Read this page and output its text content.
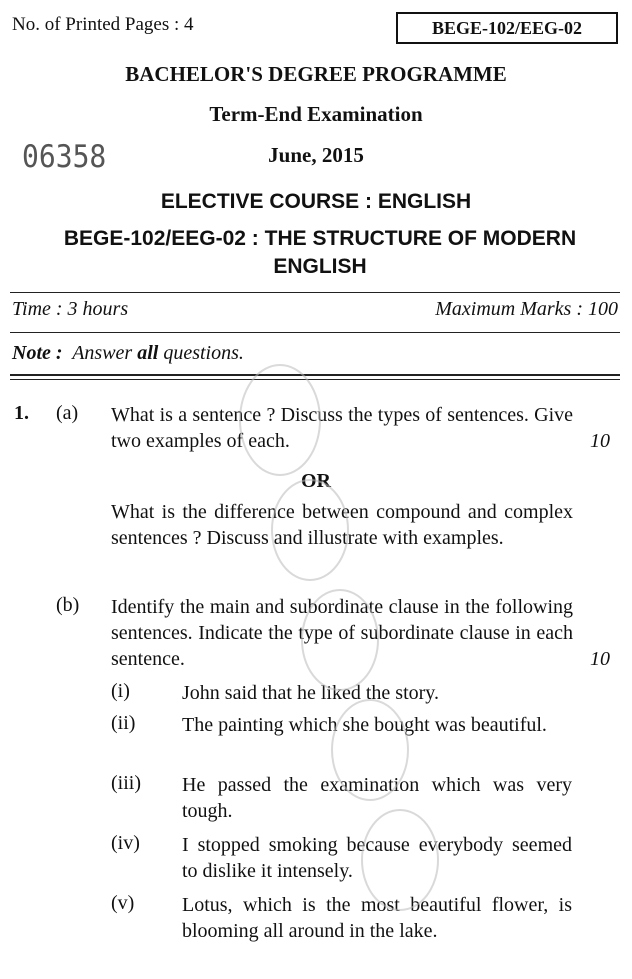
No. of Printed Pages : 4	BEGE-102/EEG-02
BACHELOR'S DEGREE PROGRAMME
Term-End Examination
06358	June, 2015
ELECTIVE COURSE : ENGLISH
BEGE-102/EEG-02 : THE STRUCTURE OF MODERN ENGLISH
Time : 3 hours	Maximum Marks : 100
Note : Answer all questions.
1. (a) What is a sentence ? Discuss the types of sentences. Give two examples of each.	10
OR
What is the difference between compound and complex sentences ? Discuss and illustrate with examples.
(b) Identify the main and subordinate clause in the following sentences. Indicate the type of subordinate clause in each sentence.	10
(i)	John said that he liked the story.
(ii) The painting which she bought was beautiful.
(iii) He passed the examination which was very tough.
(iv) I stopped smoking because everybody seemed to dislike it intensely.
(v) Lotus, which is the most beautiful flower, is blooming all around in the lake.
